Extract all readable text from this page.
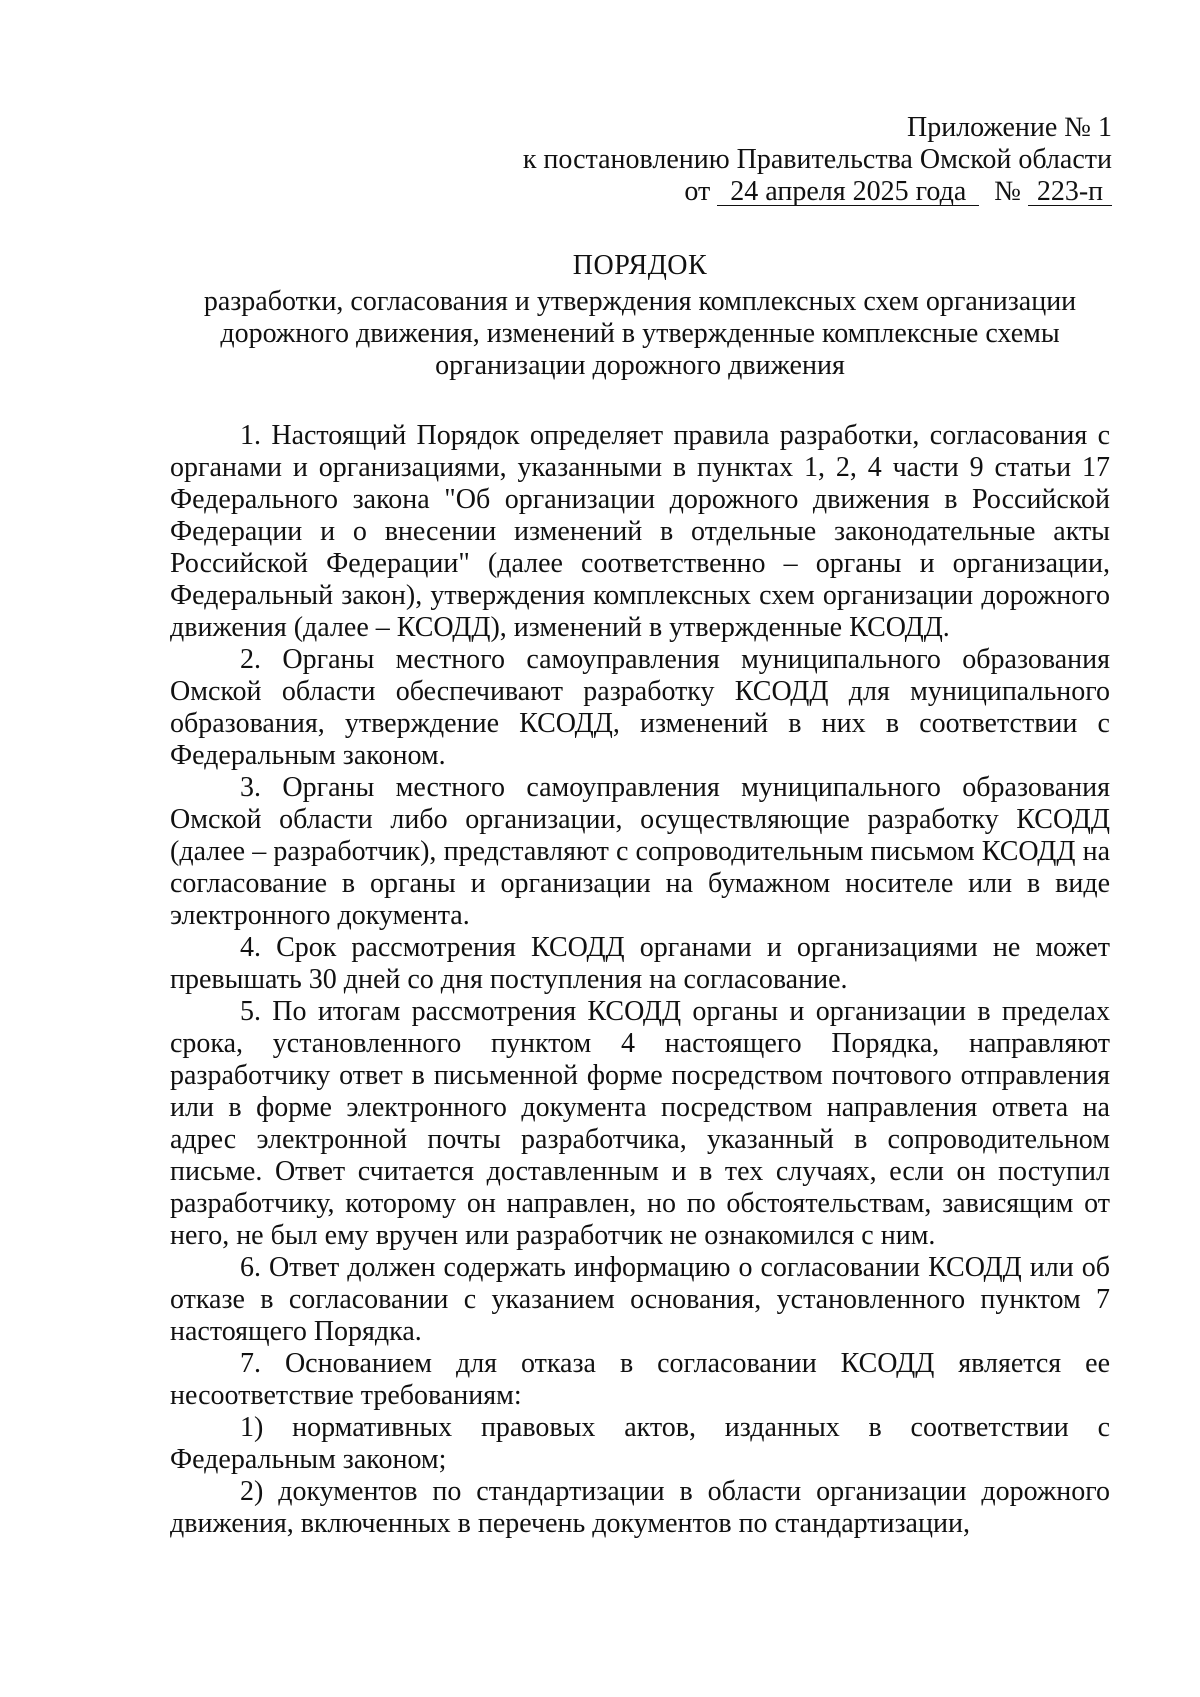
Приложение № 1
к постановлению Правительства Омской области
от 24 апреля 2025 года № 223-п
ПОРЯДОК
разработки, согласования и утверждения комплексных схем организации дорожного движения, изменений в утвержденные комплексные схемы организации дорожного движения

1. Настоящий Порядок определяет правила разработки, согласования с органами и организациями, указанными в пунктах 1, 2, 4 части 9 статьи 17 Федерального закона "Об организации дорожного движения в Российской Федерации и о внесении изменений в отдельные законодательные акты Российской Федерации" (далее соответственно – органы и организации, Федеральный закон), утверждения комплексных схем организации дорожного движения (далее – КСОДД), изменений в утвержденные КСОДД.

2. Органы местного самоуправления муниципального образования Омской области обеспечивают разработку КСОДД для муниципального образования, утверждение КСОДД, изменений в них в соответствии с Федеральным законом.

3. Органы местного самоуправления муниципального образования Омской области либо организации, осуществляющие разработку КСОДД (далее – разработчик), представляют с сопроводительным письмом КСОДД на согласование в органы и организации на бумажном носителе или в виде электронного документа.

4. Срок рассмотрения КСОДД органами и организациями не может превышать 30 дней со дня поступления на согласование.

5. По итогам рассмотрения КСОДД органы и организации в пределах срока, установленного пунктом 4 настоящего Порядка, направляют разработчику ответ в письменной форме посредством почтового отправления или в форме электронного документа посредством направления ответа на адрес электронной почты разработчика, указанный в сопроводительном письме. Ответ считается доставленным и в тех случаях, если он поступил разработчику, которому он направлен, но по обстоятельствам, зависящим от него, не был ему вручен или разработчик не ознакомился с ним.

6. Ответ должен содержать информацию о согласовании КСОДД или об отказе в согласовании с указанием основания, установленного пунктом 7 настоящего Порядка.

7. Основанием для отказа в согласовании КСОДД является ее несоответствие требованиям:

1) нормативных правовых актов, изданных в соответствии с Федеральным законом;

2) документов по стандартизации в области организации дорожного движения, включенных в перечень документов по стандартизации,
